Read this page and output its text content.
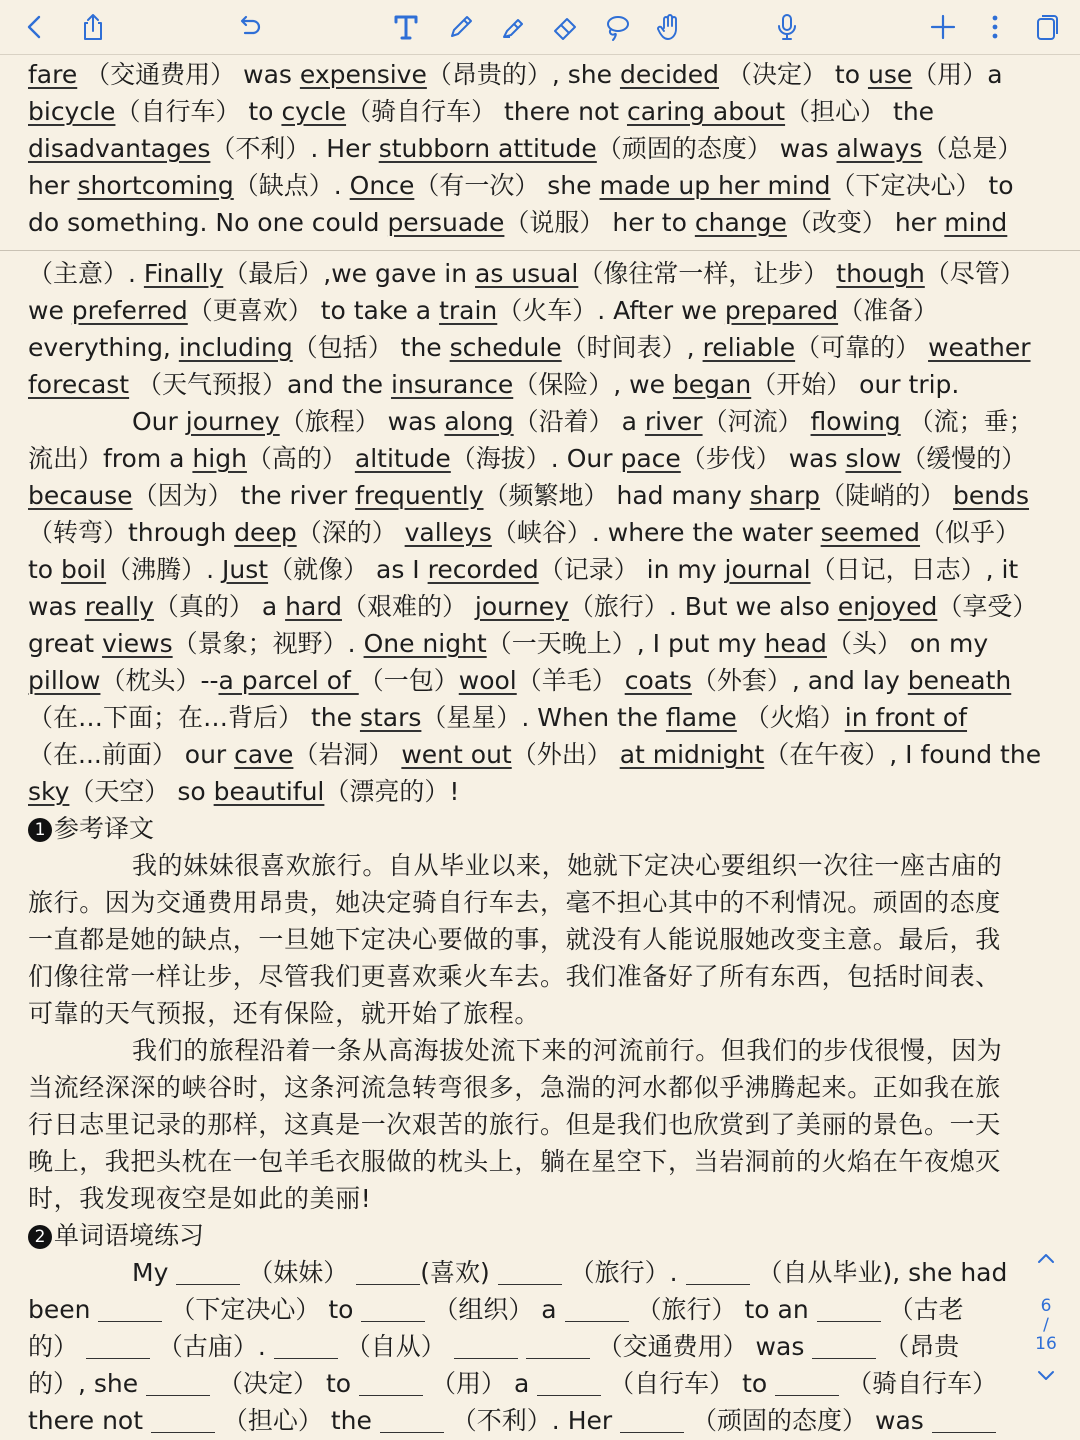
fare （交通费用） was expensive（昂贵的）, she decided （决定） to use（用）a
bicycle（自行车） to cycle（骑自行车） there not caring about（担心） the
disadvantages（不利）. Her stubborn attitude（顽固的态度） was always（总是）
her shortcoming（缺点）. Once（有一次） she made up her mind（下定决心） to
do something. No one could persuade（说服） her to change（改变） her mind
（主意）. Finally（最后）,we gave in as usual（像往常一样，让步） though（尽管）
we preferred（更喜欢） to take a train（火车）. After we prepared（准备）
everything, including（包括） the schedule（时间表）, reliable（可靠的） weather
forecast （天气预报）and the insurance（保险）, we began（开始） our trip.
Our journey（旅程） was along（沿着） a river（河流） flowing （流；垂；
流出）from a high（高的） altitude（海拔）. Our pace（步伐） was slow（缓慢的）
because（因为） the river frequently（频繁地） had many sharp（陡峭的） bends
（转弯）through deep（深的） valleys（峡谷）. where the water seemed（似乎）
to boil（沸腾）. Just（就像） as I recorded（记录） in my journal（日记，日志）, it
was really（真的） a hard（艰难的） journey（旅行）. But we also enjoyed（享受）
great views（景象；视野）. One night（一天晚上）, I put my head（头） on my
pillow（枕头）--a parcel of （一包）wool（羊毛） coats（外套）, and lay beneath
（在…下面；在…背后） the stars（星星）. When the flame （火焰）in front of
（在...前面） our cave（岩洞） went out（外出） at midnight（在午夜）, I found the
sky（天空） so beautiful（漂亮的）!
1 参考译文
我的妹妹很喜欢旅行。自从毕业以来，她就下定决心要组织一次往一座古庙的
旅行。因为交通费用昂贵，她决定骑自行车去，毫不担心其中的不利情况。顽固的态度
一直都是她的缺点，一旦她下定决心要做的事，就没有人能说服她改变主意。最后，我
们像往常一样让步，尽管我们更喜欢乘火车去。我们准备好了所有东西，包括时间表、
可靠的天气预报，还有保险，就开始了旅程。
我们的旅程沿着一条从高海拔处流下来的河流前行。但我们的步伐很慢，因为
当流经深深的峡谷时，这条河流急转弯很多，急湍的河水都似乎沸腾起来。正如我在旅
行日志里记录的那样，这真是一次艰苦的旅行。但是我们也欣赏到了美丽的景色。一天
晚上，我把头枕在一包羊毛衣服做的枕头上，躺在星空下，当岩洞前的火焰在午夜熄灭
时，我发现夜空是如此的美丽!
2 单词语境练习
My	（妹妹）	(喜欢)	（旅行）.	（自从毕业), she had
been	（下定决心） to	（组织） a	（旅行） to an	（古老
的）	（古庙）.	（自从）	（交通费用） was	（昂贵
的）, she	（决定） to	（用） a	（自行车） to	（骑自行车）
there not	（担心） the	（不利）. Her	（顽固的态度） was
6
∕
16
